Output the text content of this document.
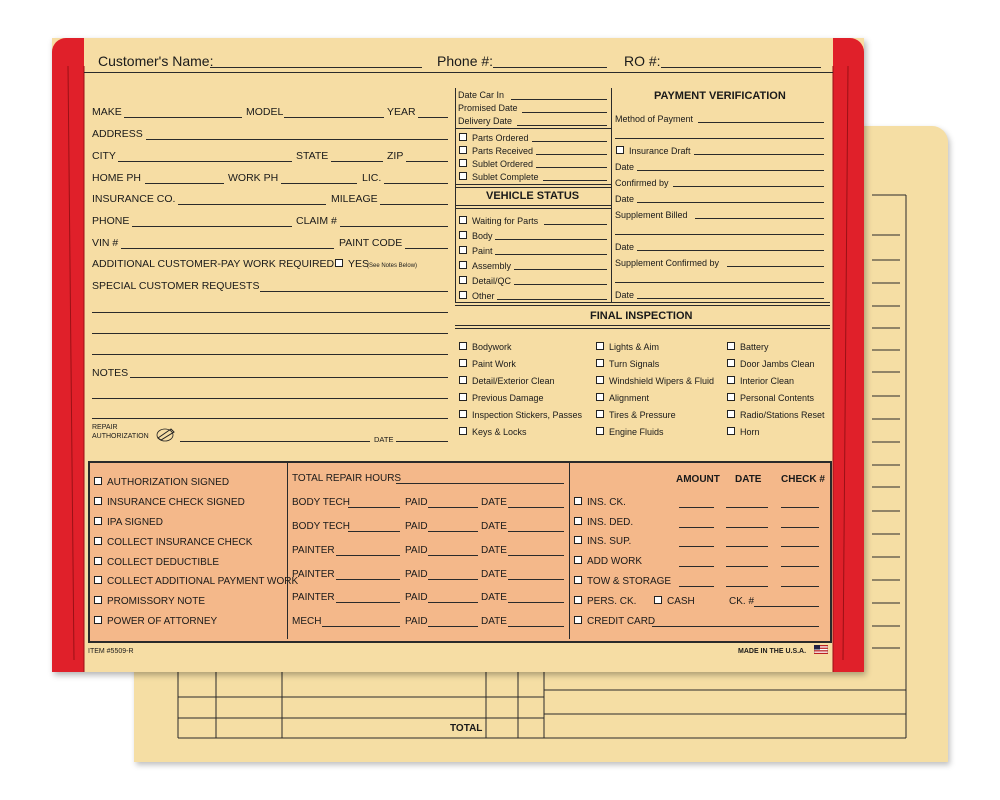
TOTAL
Customer's Name:	Phone #:	RO #:
MAKE	MODEL	YEAR
ADDRESS
CITY	STATE	ZIP
HOME PH	WORK PH	LIC.
INSURANCE CO.	MILEAGE
PHONE	CLAIM #
VIN #	PAINT CODE
ADDITIONAL CUSTOMER-PAY WORK REQUIRED	YES
(See Notes Below)
SPECIAL CUSTOMER REQUESTS
NOTES
REPAIR
AUTHORIZATION	DATE
Date Car In
Promised Date
Delivery Date
Parts Ordered
Parts Received
Sublet Ordered
Sublet Complete
VEHICLE STATUS
Waiting for Parts
Body
Paint
Assembly
Detail/QC
Other
PAYMENT VERIFICATION
Method of Payment
Insurance Draft
Date
Confirmed by
Date
Supplement Billed
Date
Supplement Confirmed by
Date
FINAL INSPECTION
Bodywork
Paint Work
Detail/Exterior Clean
Previous Damage
Inspection Stickers, Passes
Keys & Locks
Lights & Aim
Turn Signals
Windshield Wipers & Fluid
Alignment
Tires & Pressure
Engine Fluids
Battery
Door Jambs Clean
Interior Clean
Personal Contents
Radio/Stations Reset
Horn
AUTHORIZATION SIGNED
INSURANCE CHECK SIGNED
IPA SIGNED
COLLECT INSURANCE CHECK
COLLECT DEDUCTIBLE
COLLECT ADDITIONAL PAYMENT WORK
PROMISSORY NOTE
POWER OF ATTORNEY
TOTAL REPAIR HOURS
BODY TECH	PAID	DATE
BODY TECH	PAID	DATE
PAINTER	PAID	DATE
PAINTER	PAID	DATE
PAINTER	PAID	DATE
MECH	PAID	DATE
AMOUNT DATE CHECK #
INS. CK.
INS. DED.
INS. SUP.
ADD WORK
TOW & STORAGE
PERS. CK.	CASH	CK. #
CREDIT CARD
ITEM #5509-R	MADE IN THE U.S.A.
